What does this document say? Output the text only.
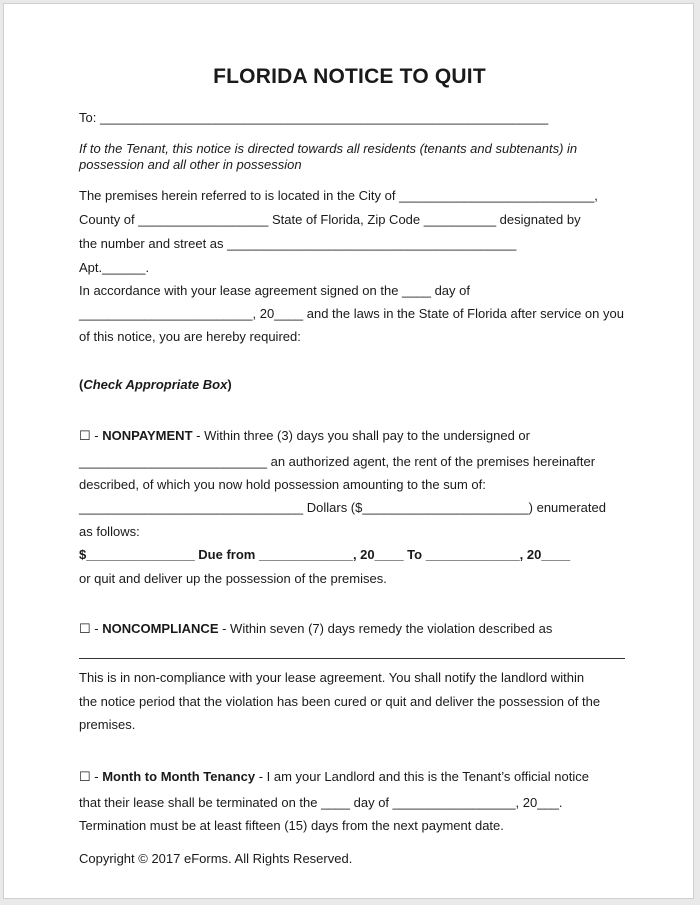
FLORIDA NOTICE TO QUIT
To: ______________________________________________________________
If to the Tenant, this notice is directed towards all residents (tenants and subtenants) in
possession and all other in possession
The premises herein referred to is located in the City of ___________________________,
County of __________________ State of Florida, Zip Code __________ designated by
the number and street as ________________________________________
Apt.______.
In accordance with your lease agreement signed on the ____ day of
________________________, 20____ and the laws in the State of Florida after service on you
of this notice, you are hereby required:
(Check Appropriate Box)
☐ - NONPAYMENT - Within three (3) days you shall pay to the undersigned or
__________________________ an authorized agent, the rent of the premises hereinafter
described, of which you now hold possession amounting to the sum of:
_______________________________ Dollars ($_______________________) enumerated
as follows:
$_______________ Due from _____________, 20____ To _____________, 20____
or quit and deliver up the possession of the premises.
☐ - NONCOMPLIANCE - Within seven (7) days remedy the violation described as
This is in non-compliance with your lease agreement. You shall notify the landlord within
the notice period that the violation has been cured or quit and deliver the possession of the
premises.
☐ - Month to Month Tenancy - I am your Landlord and this is the Tenant’s official notice
that their lease shall be terminated on the ____ day of _________________, 20___.
Termination must be at least fifteen (15) days from the next payment date.
Copyright © 2017 eForms. All Rights Reserved.
